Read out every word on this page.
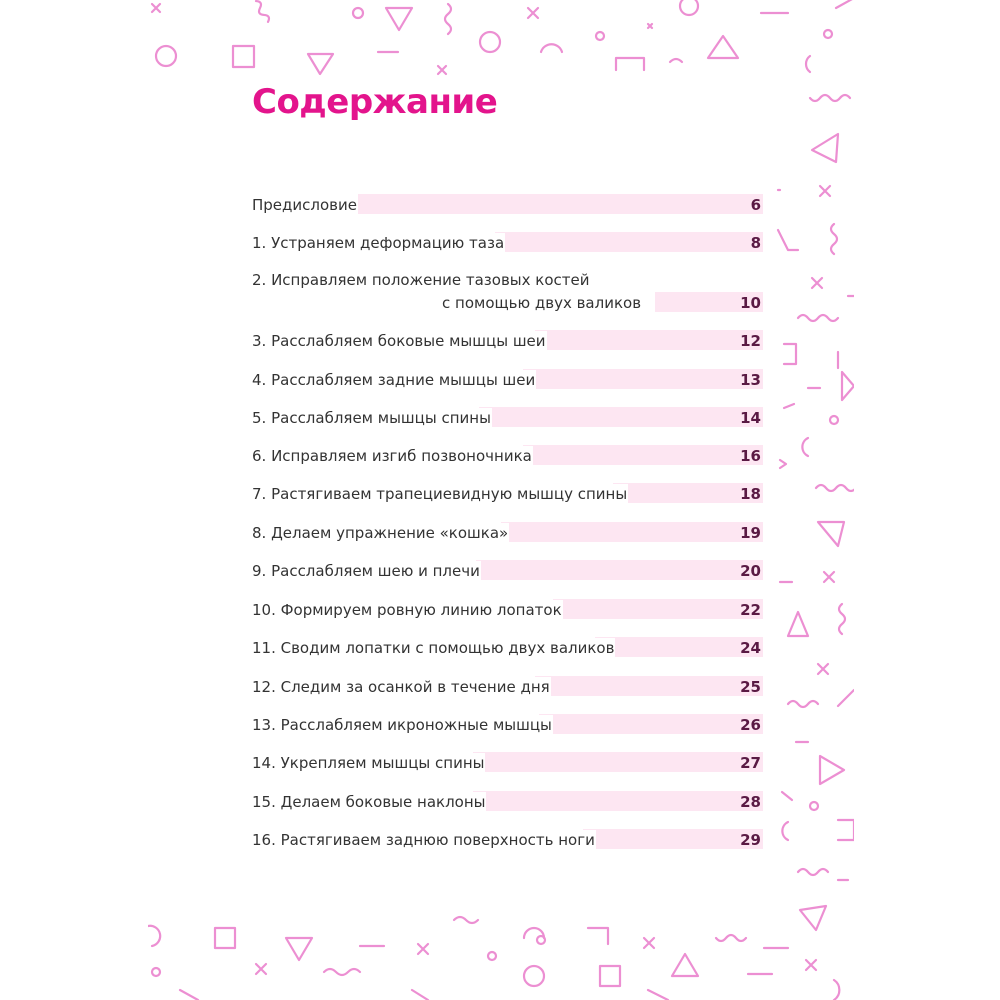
Содержание
Предисловие	6
1. Устраняем деформацию таза	8
2. Исправляем положение тазовых костей
с помощью двух валиков	10
3. Расслабляем боковые мышцы шеи	12
4. Расслабляем задние мышцы шеи	13
5. Расслабляем мышцы спины	14
6. Исправляем изгиб позвоночника	16
7. Растягиваем трапециевидную мышцу спины	18
8. Делаем упражнение «кошка»	19
9. Расслабляем шею и плечи	20
10. Формируем ровную линию лопаток	22
11. Сводим лопатки с помощью двух валиков	24
12. Следим за осанкой в течение дня	25
13. Расслабляем икроножные мышцы	26
14. Укрепляем мышцы спины	27
15. Делаем боковые наклоны	28
16. Растягиваем заднюю поверхность ноги	29
